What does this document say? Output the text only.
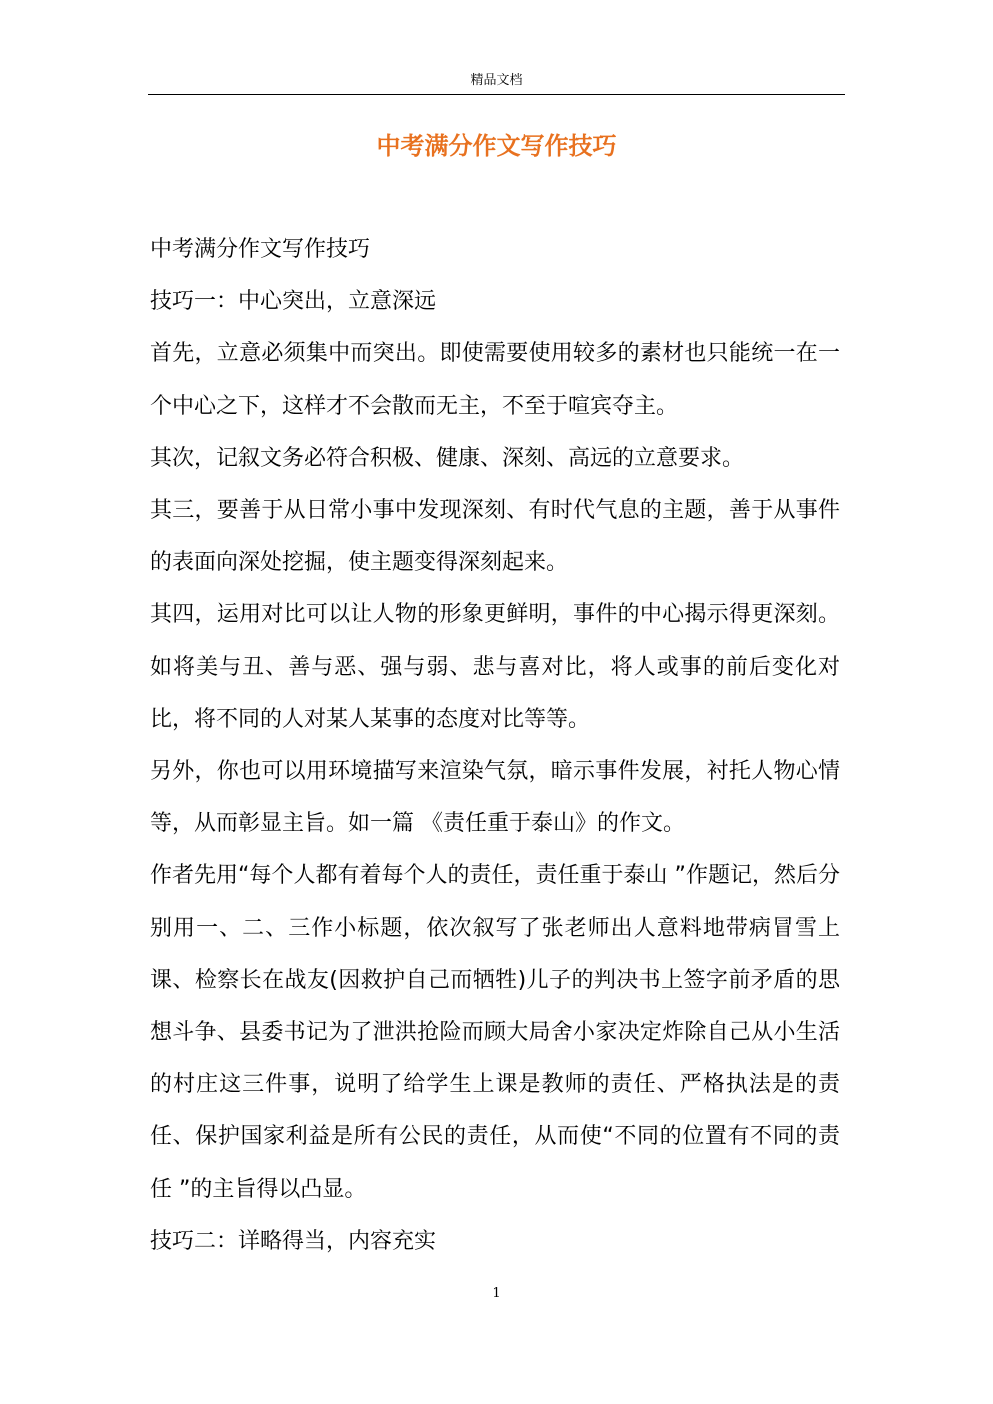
精品文档
中考满分作文写作技巧

中考满分作文写作技巧

技巧一：中心突出，立意深远

首先，立意必须集中而突出。即使需要使用较多的素材也只能统一在一个中心之下，这样才不会散而无主，不至于喧宾夺主。

其次，记叙文务必符合积极、健康、深刻、高远的立意要求。

其三，要善于从日常小事中发现深刻、有时代气息的主题，善于从事件的表面向深处挖掘，使主题变得深刻起来。

其四，运用对比可以让人物的形象更鲜明，事件的中心揭示得更深刻。如将美与丑、善与恶、强与弱、悲与喜对比，将人或事的前后变化对比，将不同的人对某人某事的态度对比等等。

另外，你也可以用环境描写来渲染气氛，暗示事件发展，衬托人物心情等，从而彰显主旨。如一篇 《责任重于泰山》的作文。

作者先用“每个人都有着每个人的责任，责任重于泰山 ”作题记，然后分别用一、二、三作小标题，依次叙写了张老师出人意料地带病冒雪上课、检察长在战友(因救护自己而牺牲)儿子的判决书上签字前矛盾的思想斗争、县委书记为了泄洪抢险而顾大局舍小家决定炸除自己从小生活的村庄这三件事，说明了给学生上课是教师的责任、严格执法是的责任、保护国家利益是所有公民的责任，从而使“不同的位置有不同的责任 ”的主旨得以凸显。

技巧二：详略得当，内容充实

1
